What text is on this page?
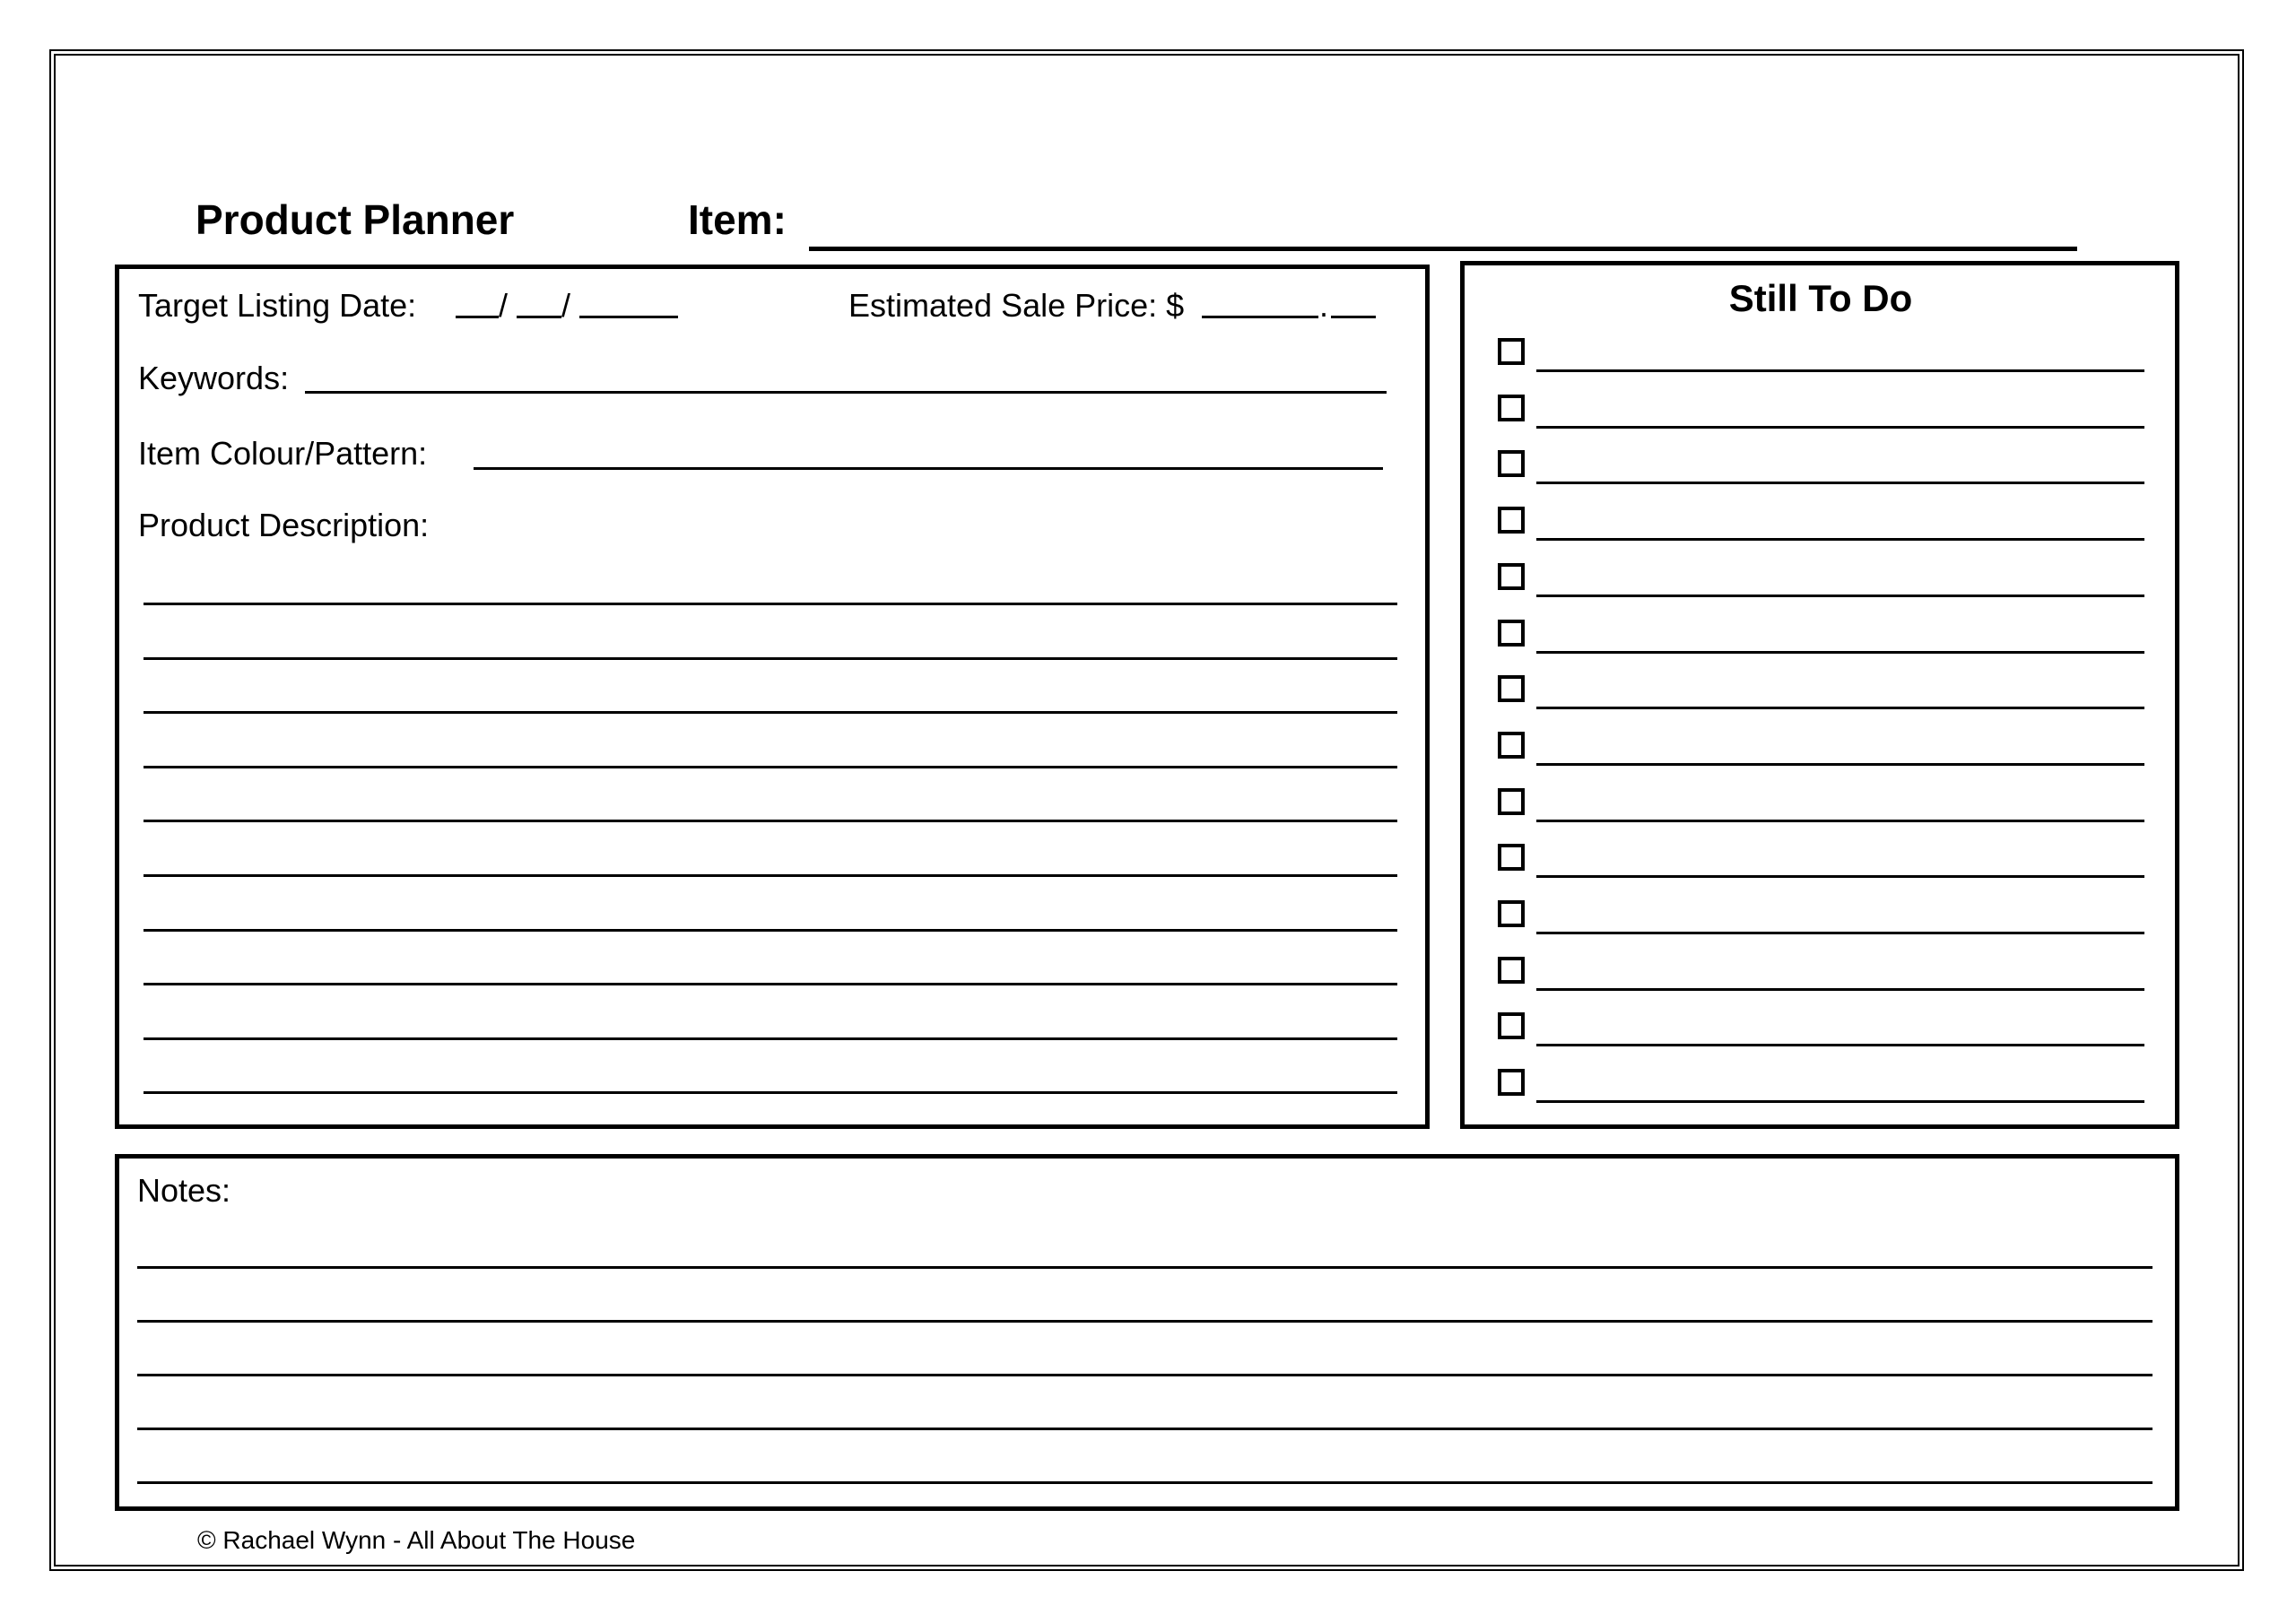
Product Planner	Item:
Target Listing Date:	/ /	Estimated Sale Price: $	.
Keywords:
Item Colour/Pattern:
Product Description:
Still To Do
Notes:
© Rachael Wynn - All About The House
